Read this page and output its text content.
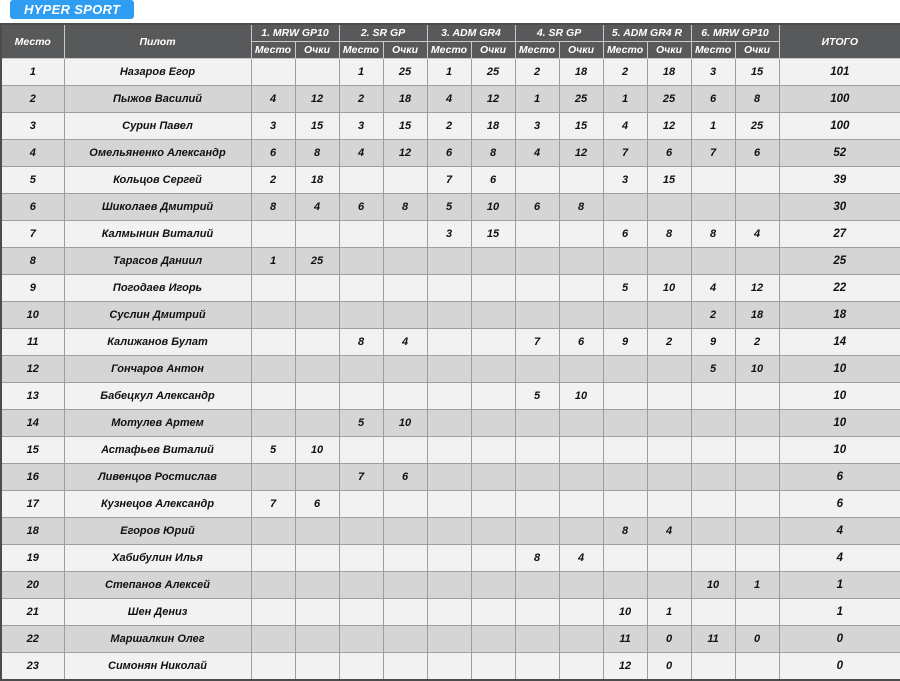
HYPER SPORT
Место	Пилот	1. MRW GP10		2. SR GP		3. ADM GR4		4. SR GP		5. ADM GR4 R		6. MRW GP10		ИТОГО
		Место	Очки	Место	Очки	Место	Очки	Место	Очки	Место	Очки	Место	Очки	
1	Назаров Егор			1	25	1	25	2	18	2	18	3	15	101
2	Пыжов Василий	4	12	2	18	4	12	1	25	1	25	6	8	100
3	Сурин Павел	3	15	3	15	2	18	3	15	4	12	1	25	100
4	Омельяненко Александр	6	8	4	12	6	8	4	12	7	6	7	6	52
5	Кольцов Сергей	2	18			7	6			3	15			39
6	Шиколаев Дмитрий	8	4	6	8	5	10	6	8					30
7	Калмынин Виталий					3	15			6	8	8	4	27
8	Тарасов Даниил	1	25											25
9	Погодаев Игорь									5	10	4	12	22
10	Суслин Дмитрий											2	18	18
11	Калижанов Булат			8	4			7	6	9	2	9	2	14
12	Гончаров Антон											5	10	10
13	Бабецкул Александр							5	10					10
14	Мотулев Артем			5	10									10
15	Астафьев Виталий	5	10											10
16	Ливенцов Ростислав			7	6									6
17	Кузнецов Александр	7	6											6
18	Егоров Юрий									8	4			4
19	Хабибулин Илья							8	4					4
20	Степанов Алексей											10	1	1
21	Шен Дениз									10	1			1
22	Маршалкин Олег									11	0	11	0	0
23	Симонян Николай									12	0			0
